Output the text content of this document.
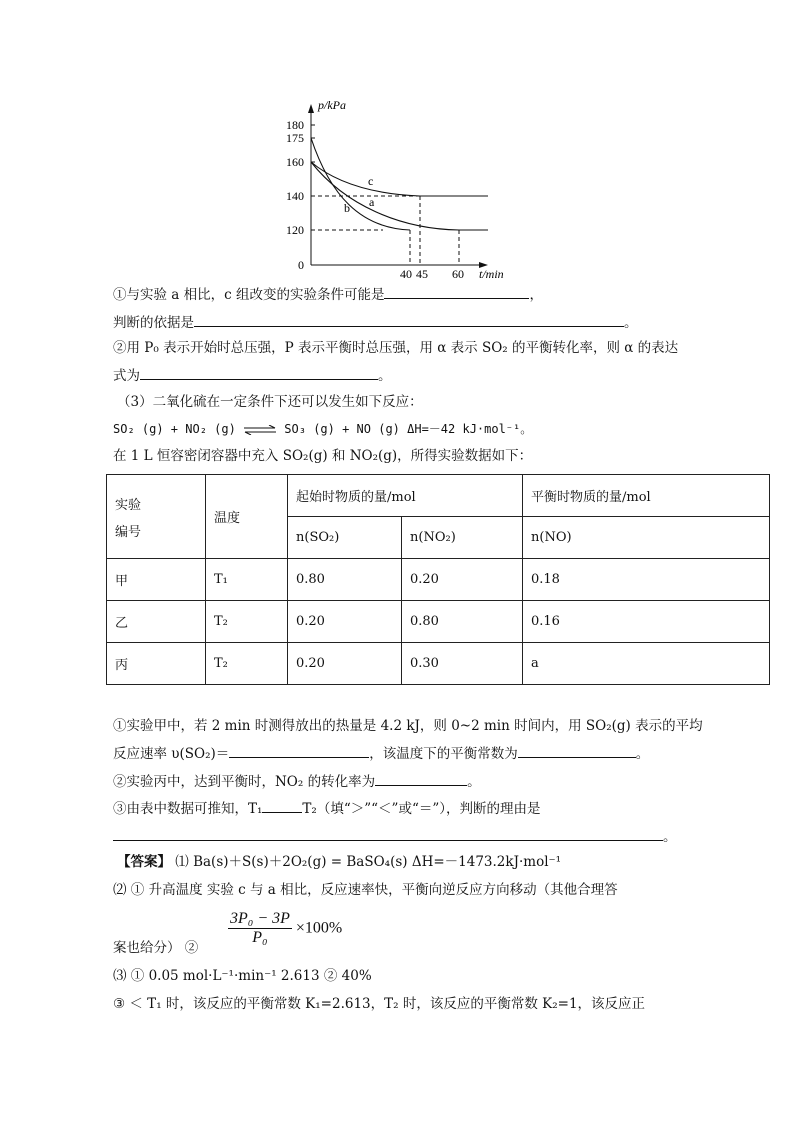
p/kPa
t/min
180
175
160
140
120
0
40 45 60
c
a
b
①与实验 a 相比，c 组改变的实验条件可能是	，
判断的依据是	。
②用 P₀ 表示开始时总压强，P 表示平衡时总压强，用 α 表示 SO₂ 的平衡转化率，则 α 的表达
式为	。
（3）二氧化硫在一定条件下还可以发生如下反应：
SO₂ (g) + NO₂ (g) ⇌ SO₃ (g) + NO (g) ΔH=－42 kJ·mol⁻¹。
在 1 L 恒容密闭容器中充入 SO₂(g) 和 NO₂(g)，所得实验数据如下：
实验
编号	温度	起始时物质的量/mol		平衡时物质的量/mol
		n(SO₂)	n(NO₂)	n(NO)
甲	T₁	0.80	0.20	0.18
乙	T₂	0.20	0.80	0.16
丙	T₂	0.20	0.30	a
①实验甲中，若 2 min 时测得放出的热量是 4.2 kJ，则 0~2 min 时间内，用 SO₂(g) 表示的平均
反应速率 υ(SO₂)＝	，该温度下的平衡常数为	。
②实验丙中，达到平衡时，NO₂ 的转化率为	。
③由表中数据可推知，T₁	T₂（填“＞”“＜”或“＝”），判断的理由是
。
【答案】 ⑴ Ba(s)＋S(s)＋2O₂(g) = BaSO₄(s) ΔH=－1473.2kJ·mol⁻¹
⑵ ① 升高温度 实验 c 与 a 相比，反应速率快，平衡向逆反应方向移动（其他合理答
案也给分） ②
$\frac{\text{3P₀ − 3P}}{\text{P₀}} \times 100\%$
⑶ ① 0.05 mol·L⁻¹·min⁻¹ 2.613 ② 40%
③ ＜ T₁ 时，该反应的平衡常数 K₁=2.613，T₂ 时，该反应的平衡常数 K₂=1，该反应正
